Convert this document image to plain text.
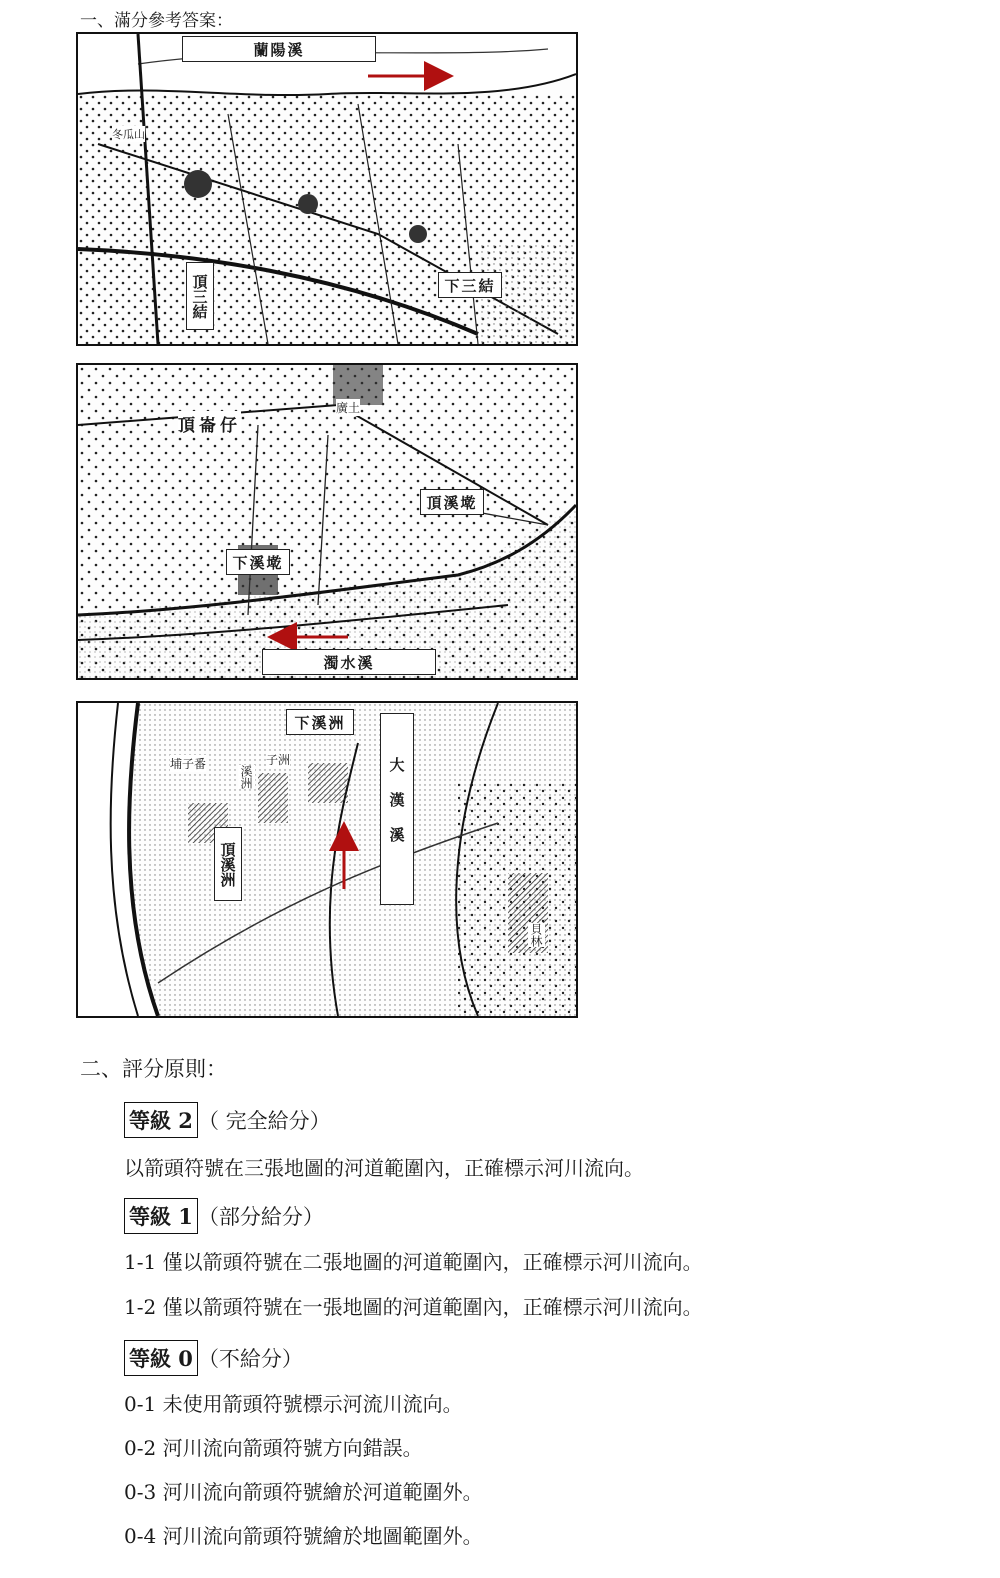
一、滿分參考答案：
蘭陽溪
頂三結	下三結
冬瓜山
頂崙仔
頂溪墘
下溪墘
濁水溪
廣土
下溪洲
大漢溪
頂溪洲
埔子番	子洲
溪洲
貝林
二、評分原則：
等級 2 （ 完全給分）
以箭頭符號在三張地圖的河道範圍內，正確標示河川流向。
等級 1 （部分給分）
1-1 僅以箭頭符號在二張地圖的河道範圍內，正確標示河川流向。
1-2 僅以箭頭符號在一張地圖的河道範圍內，正確標示河川流向。
等級 0 （不給分）
0-1 未使用箭頭符號標示河流川流向。
0-2 河川流向箭頭符號方向錯誤。
0-3 河川流向箭頭符號繪於河道範圍外。
0-4 河川流向箭頭符號繪於地圖範圍外。
